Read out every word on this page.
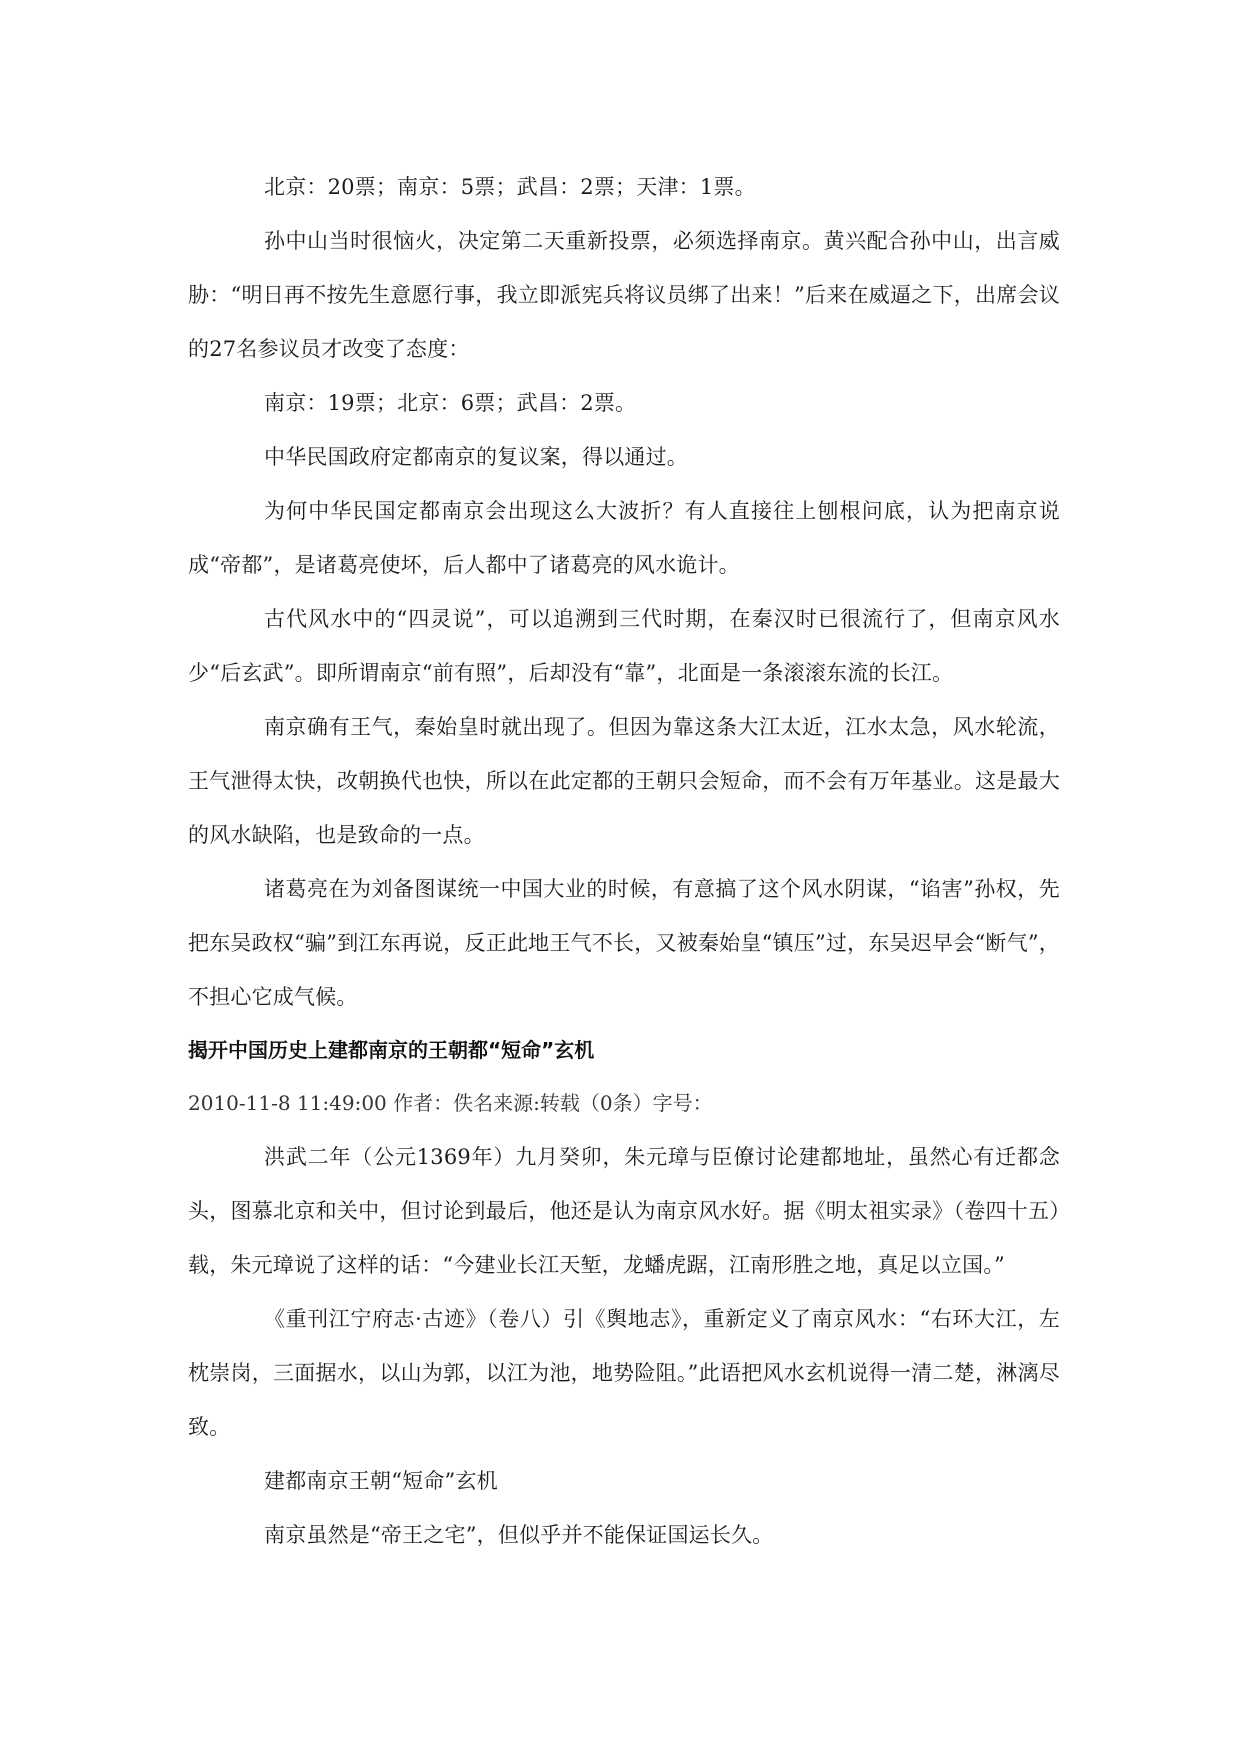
北京：20票；南京：5票；武昌：2票；天津：1票。

孙中山当时很恼火，决定第二天重新投票，必须选择南京。黄兴配合孙中山，出言威胁：“明日再不按先生意愿行事，我立即派宪兵将议员绑了出来！”后来在威逼之下，出席会议的27名参议员才改变了态度：

南京：19票；北京：6票；武昌：2票。

中华民国政府定都南京的复议案，得以通过。

为何中华民国定都南京会出现这么大波折？有人直接往上刨根问底，认为把南京说成“帝都”，是诸葛亮使坏，后人都中了诸葛亮的风水诡计。

古代风水中的“四灵说”，可以追溯到三代时期，在秦汉时已很流行了，但南京风水少“后玄武”。即所谓南京“前有照”，后却没有“靠”，北面是一条滚滚东流的长江。

南京确有王气，秦始皇时就出现了。但因为靠这条大江太近，江水太急，风水轮流，王气泄得太快，改朝换代也快，所以在此定都的王朝只会短命，而不会有万年基业。这是最大的风水缺陷，也是致命的一点。

诸葛亮在为刘备图谋统一中国大业的时候，有意搞了这个风水阴谋，“谄害”孙权，先把东吴政权“骗”到江东再说，反正此地王气不长，又被秦始皇“镇压”过，东吴迟早会“断气”，不担心它成气候。

揭开中国历史上建都南京的王朝都“短命”玄机

2010-11-8 11:49:00 作者：佚名来源:转载（0条）字号：

洪武二年（公元1369年）九月癸卯，朱元璋与臣僚讨论建都地址，虽然心有迁都念头，图慕北京和关中，但讨论到最后，他还是认为南京风水好。据《明太祖实录》（卷四十五）载，朱元璋说了这样的话：“今建业长江天堑，龙蟠虎踞，江南形胜之地，真足以立国。”

《重刊江宁府志·古迹》（卷八）引《舆地志》，重新定义了南京风水：“右环大江，左枕崇岗，三面据水，以山为郭，以江为池，地势险阻。”此语把风水玄机说得一清二楚，淋漓尽致。

建都南京王朝“短命”玄机

南京虽然是“帝王之宅”，但似乎并不能保证国运长久。
